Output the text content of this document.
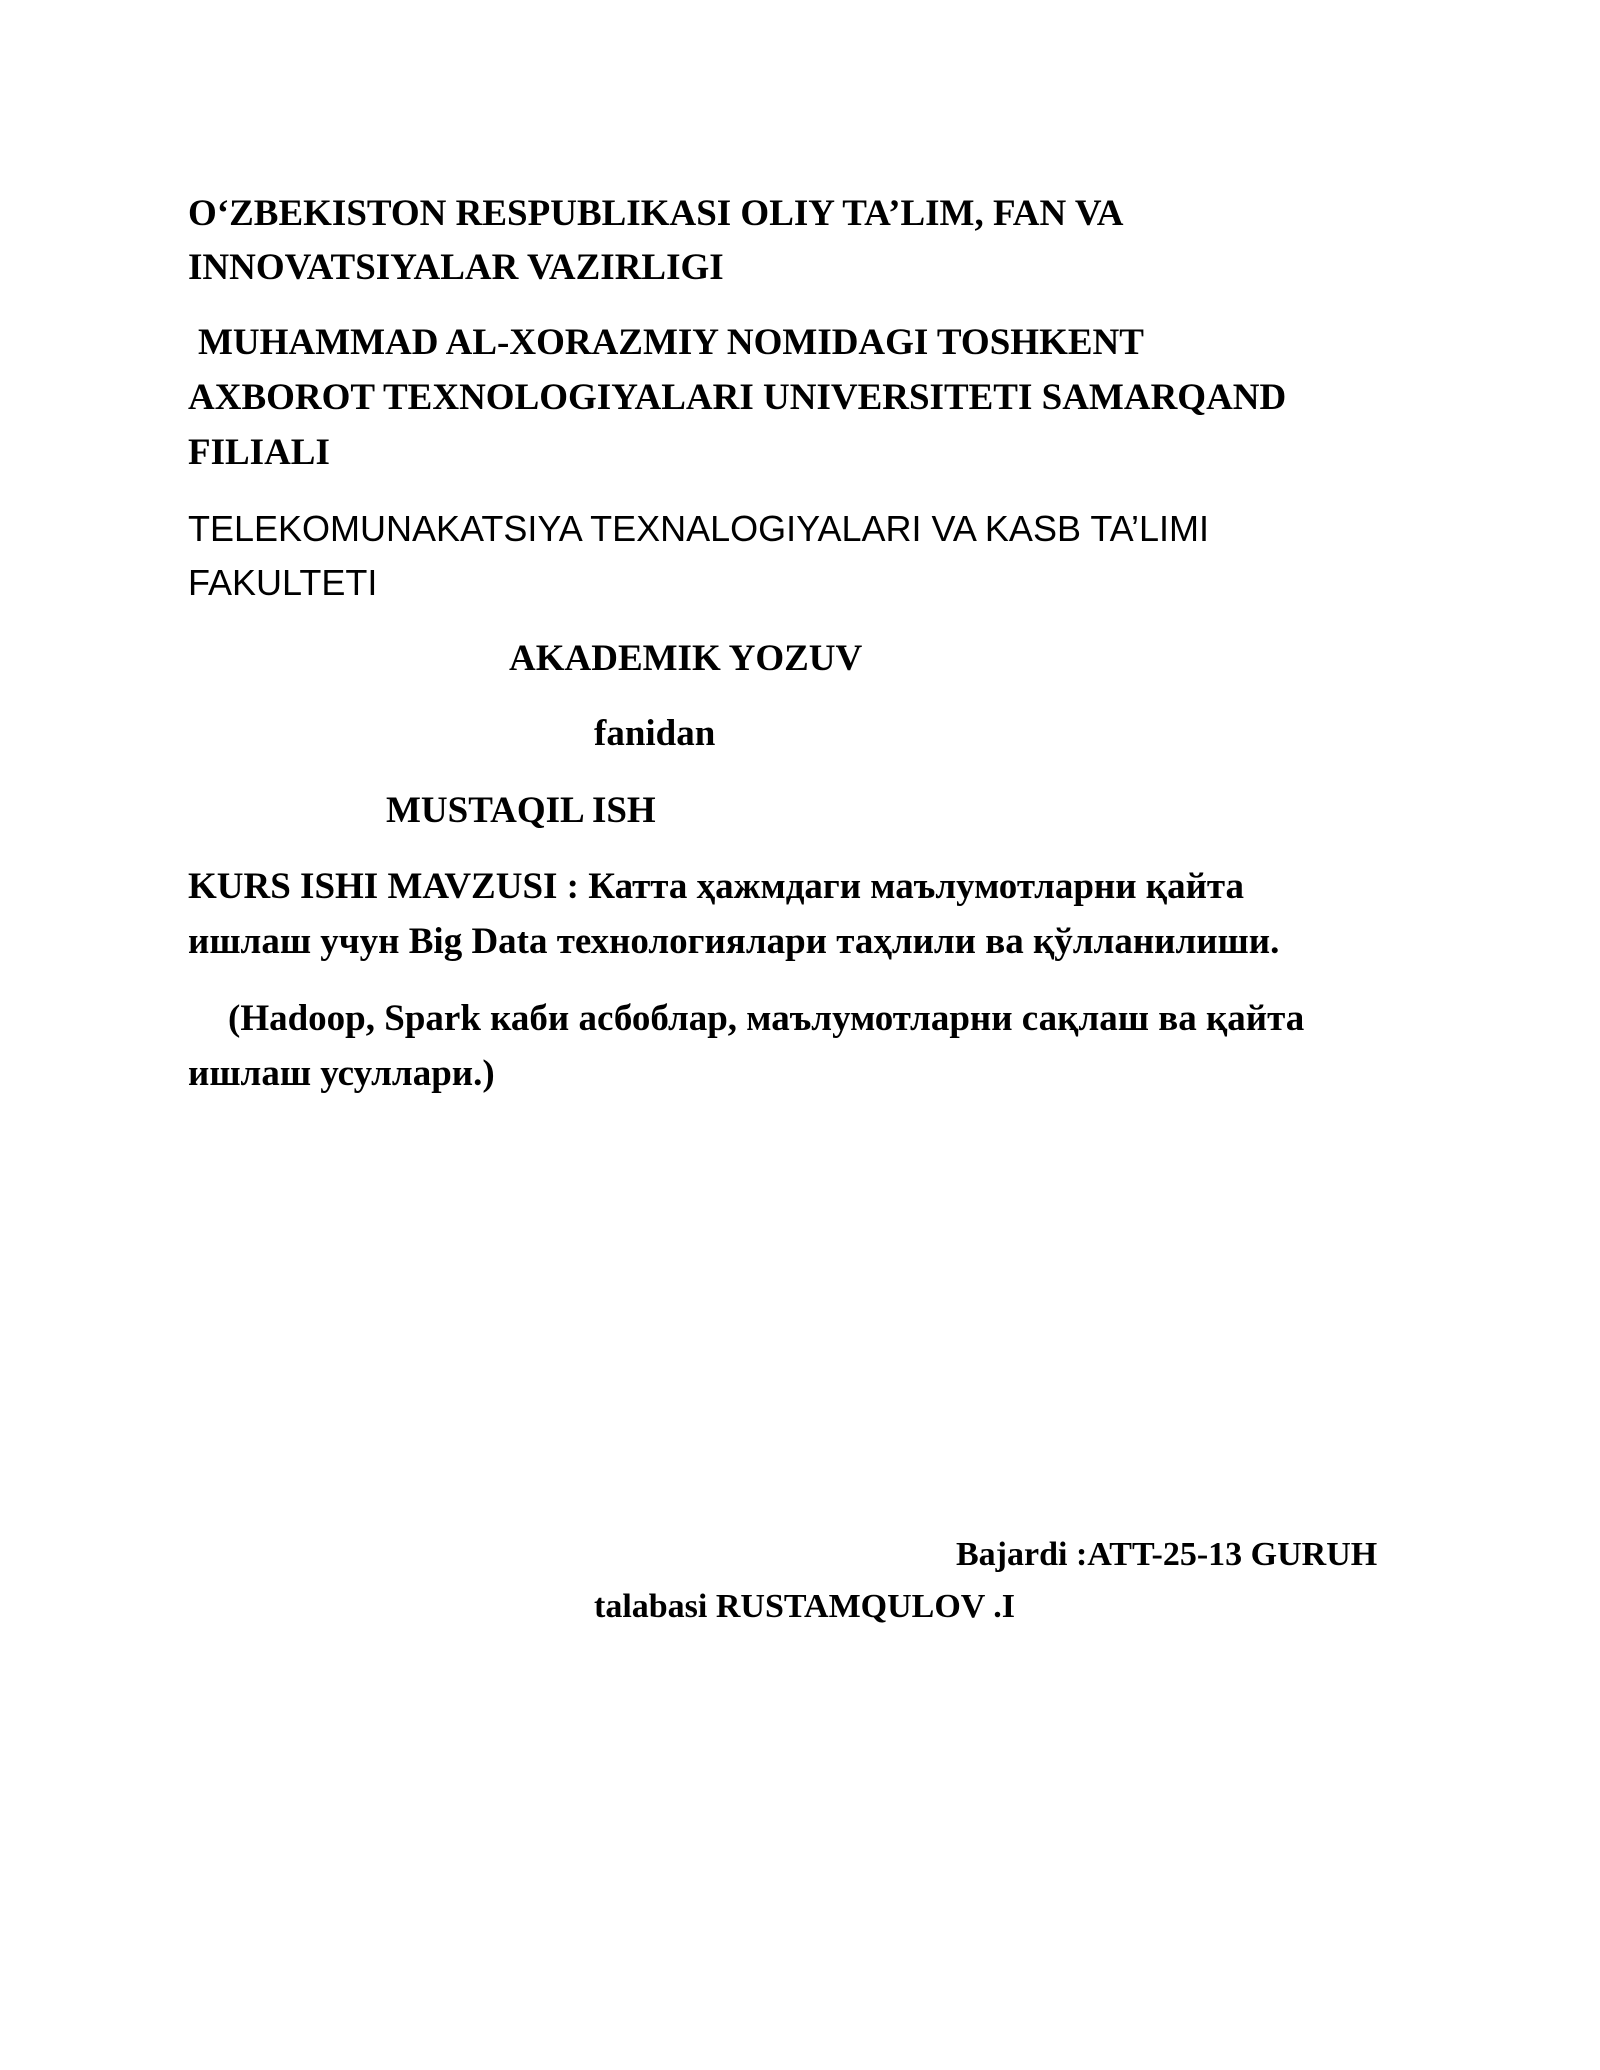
O‘ZBEKISTON RESPUBLIKASI OLIY TA’LIM, FAN VA
INNOVATSIYALAR VAZIRLIGI
MUHAMMAD AL-XORAZMIY NOMIDAGI TOSHKENT
AXBOROT TEXNOLOGIYALARI UNIVERSITETI SAMARQAND
FILIALI
TELEKOMUNAKATSIYA TEXNALOGIYALARI VA KASB TA’LIMI
FAKULTETI
AKADEMIK YOZUV
fanidan
MUSTAQIL ISH
KURS ISHI MAVZUSI : Катта ҳажмдаги маълумотларни қайта
ишлаш учун Big Data технологиялари таҳлили ва қўлланилиши.
(Hadoop, Spark каби асбоблар, маълумотларни сақлаш ва қайта
ишлаш усуллари.)
Bajardi :ATT-25-13 GURUH
talabasi RUSTAMQULOV .I
